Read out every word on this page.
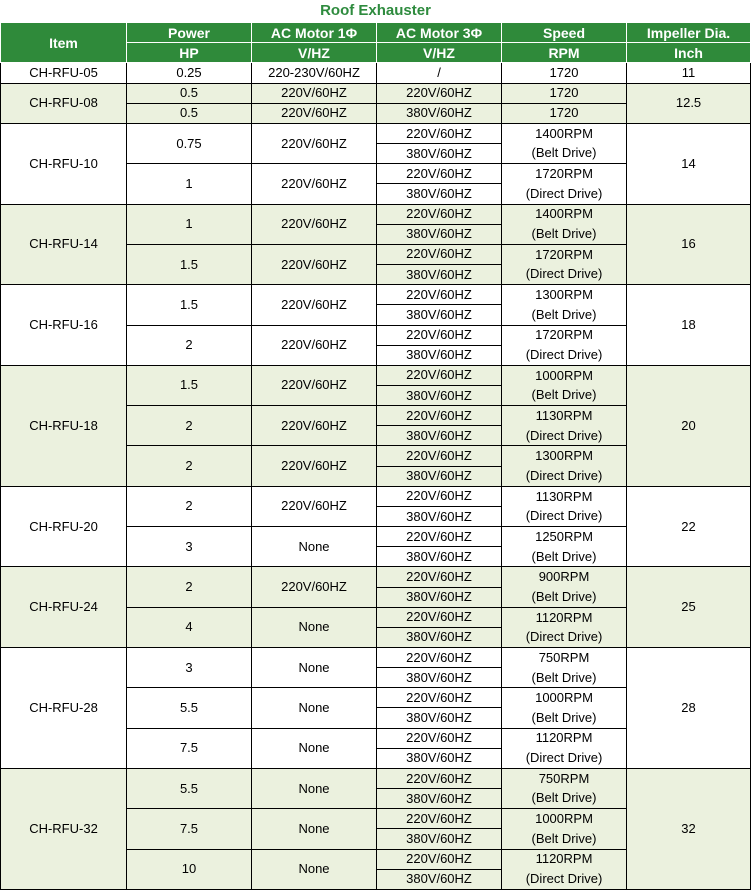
Roof Exhauster					
Item	Power	AC Motor 1Φ	AC Motor 3Φ	Speed	Impeller Dia.
	HP	V/HZ	V/HZ	RPM	Inch
CH-RFU-05	0.25	220-230V/60HZ	/	1720	11
CH-RFU-08	0.5	220V/60HZ	220V/60HZ	1720	12.5
	0.5	220V/60HZ	380V/60HZ	1720	
CH-RFU-10	0.75	220V/60HZ	220V/60HZ	1400RPM	14
			380V/60HZ	(Belt Drive)	
	1	220V/60HZ	220V/60HZ	1720RPM	
			380V/60HZ	(Direct Drive)	
CH-RFU-14	1	220V/60HZ	220V/60HZ	1400RPM	16
			380V/60HZ	(Belt Drive)	
	1.5	220V/60HZ	220V/60HZ	1720RPM	
			380V/60HZ	(Direct Drive)	
CH-RFU-16	1.5	220V/60HZ	220V/60HZ	1300RPM	18
			380V/60HZ	(Belt Drive)	
	2	220V/60HZ	220V/60HZ	1720RPM	
			380V/60HZ	(Direct Drive)	
CH-RFU-18	1.5	220V/60HZ	220V/60HZ	1000RPM	20
			380V/60HZ	(Belt Drive)	
	2	220V/60HZ	220V/60HZ	1130RPM	
			380V/60HZ	(Direct Drive)	
	2	220V/60HZ	220V/60HZ	1300RPM	
			380V/60HZ	(Direct Drive)	
CH-RFU-20	2	220V/60HZ	220V/60HZ	1130RPM	22
			380V/60HZ	(Direct Drive)	
	3	None	220V/60HZ	1250RPM	
			380V/60HZ	(Belt Drive)	
CH-RFU-24	2	220V/60HZ	220V/60HZ	900RPM	25
			380V/60HZ	(Belt Drive)	
	4	None	220V/60HZ	1120RPM	
			380V/60HZ	(Direct Drive)	
CH-RFU-28	3	None	220V/60HZ	750RPM	28
			380V/60HZ	(Belt Drive)	
	5.5	None	220V/60HZ	1000RPM	
			380V/60HZ	(Belt Drive)	
	7.5	None	220V/60HZ	1120RPM	
			380V/60HZ	(Direct Drive)	
CH-RFU-32	5.5	None	220V/60HZ	750RPM	32
			380V/60HZ	(Belt Drive)	
	7.5	None	220V/60HZ	1000RPM	
			380V/60HZ	(Belt Drive)	
	10	None	220V/60HZ	1120RPM	
			380V/60HZ	(Direct Drive)	
